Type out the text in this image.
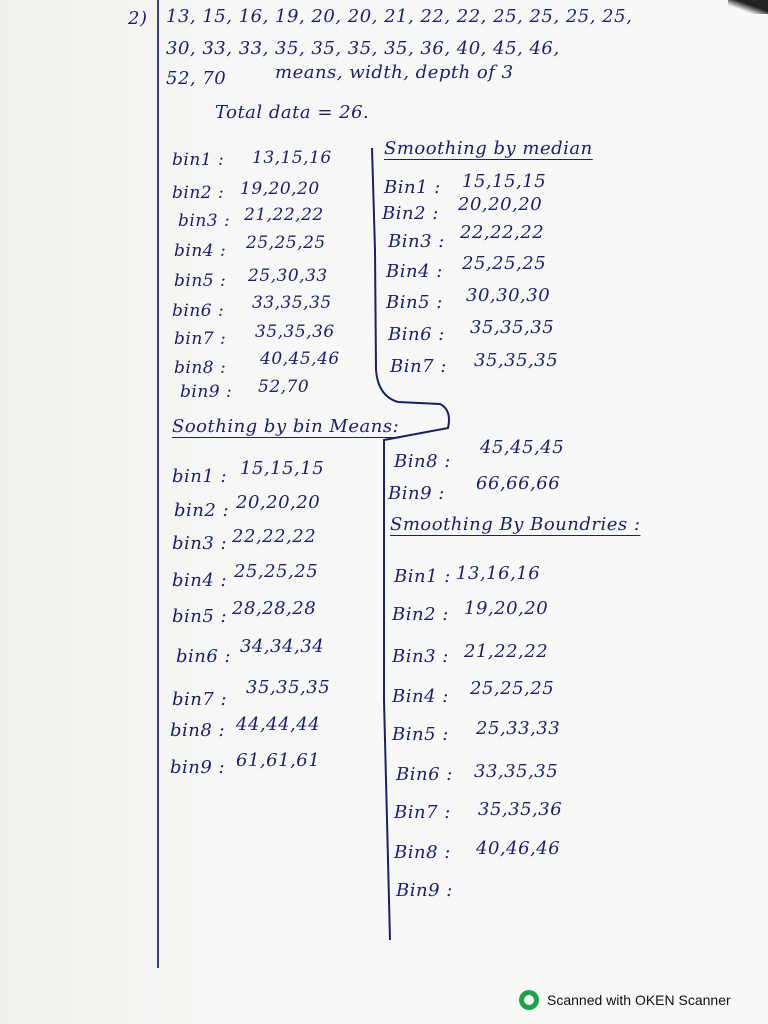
2) 13, 15, 16, 19, 20, 20, 21, 22, 22, 25, 25, 25, 25,
30, 33, 33, 35, 35, 35, 35, 36, 40, 45, 46,
52, 70	means, width, depth of 3
Total data = 26.
bin1 : 13,15,16
bin2 : 19,20,20
bin3 : 21,22,22
bin4 : 25,25,25
bin5 : 25,30,33
bin6 : 33,35,35
bin7 : 35,35,36
bin8 : 40,45,46
bin9 : 52,70
Smoothing by median
Bin1 : 15,15,15
Bin2 : 20,20,20
Bin3 : 22,22,22
Bin4 : 25,25,25
Bin5 : 30,30,30
Bin6 : 35,35,35
Bin7 : 35,35,35
Bin8 :
45,45,45
Bin9 : 66,66,66
Soothing by bin Means:
bin1 : 15,15,15
bin2 : 20,20,20
bin3 : 22,22,22
bin4 : 25,25,25
bin5 : 28,28,28
bin6 : 34,34,34
bin7 :
35,35,35
bin8 : 44,44,44
bin9 : 61,61,61
Smoothing By Boundries :
Bin1 : 13,16,16
Bin2 : 19,20,20
Bin3 : 21,22,22
Bin4 : 25,25,25
Bin5 : 25,33,33
Bin6 : 33,35,35
Bin7 : 35,35,36
Bin8 : 40,46,46
Bin9 :
Scanned with OKEN Scanner
